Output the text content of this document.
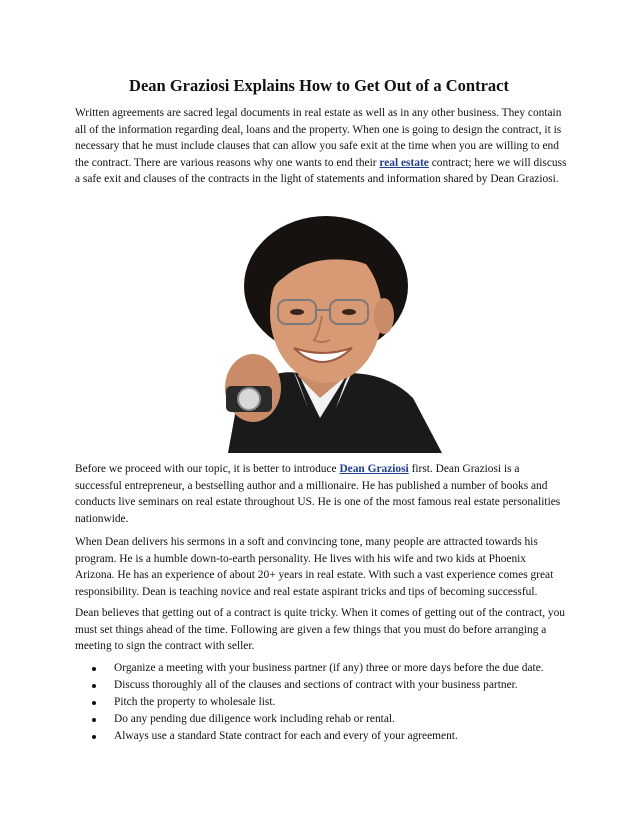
Dean Graziosi Explains How to Get Out of a Contract

Written agreements are sacred legal documents in real estate as well as in any other business. They contain all of the information regarding deal, loans and the property. When one is going to design the contract, it is necessary that he must include clauses that can allow you safe exit at the time when you are willing to end the contract. There are various reasons why one wants to end their real estate contract; here we will discuss a safe exit and clauses of the contracts in the light of statements and information shared by Dean Graziosi.

Before we proceed with our topic, it is better to introduce Dean Graziosi first. Dean Graziosi is a successful entrepreneur, a bestselling author and a millionaire. He has published a number of books and conducts live seminars on real estate throughout US. He is one of the most famous real estate personalities nationwide.

When Dean delivers his sermons in a soft and convincing tone, many people are attracted towards his program. He is a humble down-to-earth personality. He lives with his wife and two kids at Phoenix Arizona. He has an experience of about 20+ years in real estate. With such a vast experience comes great responsibility. Dean is teaching novice and real estate aspirant tricks and tips of becoming successful.

Dean believes that getting out of a contract is quite tricky. When it comes of getting out of the contract, you must set things ahead of the time. Following are given a few things that you must do before arranging a meeting to sign the contract with seller.

Organize a meeting with your business partner (if any) three or more days before the due date.
Discuss thoroughly all of the clauses and sections of contract with your business partner.
Pitch the property to wholesale list.
Do any pending due diligence work including rehab or rental.
Always use a standard State contract for each and every of your agreement.
